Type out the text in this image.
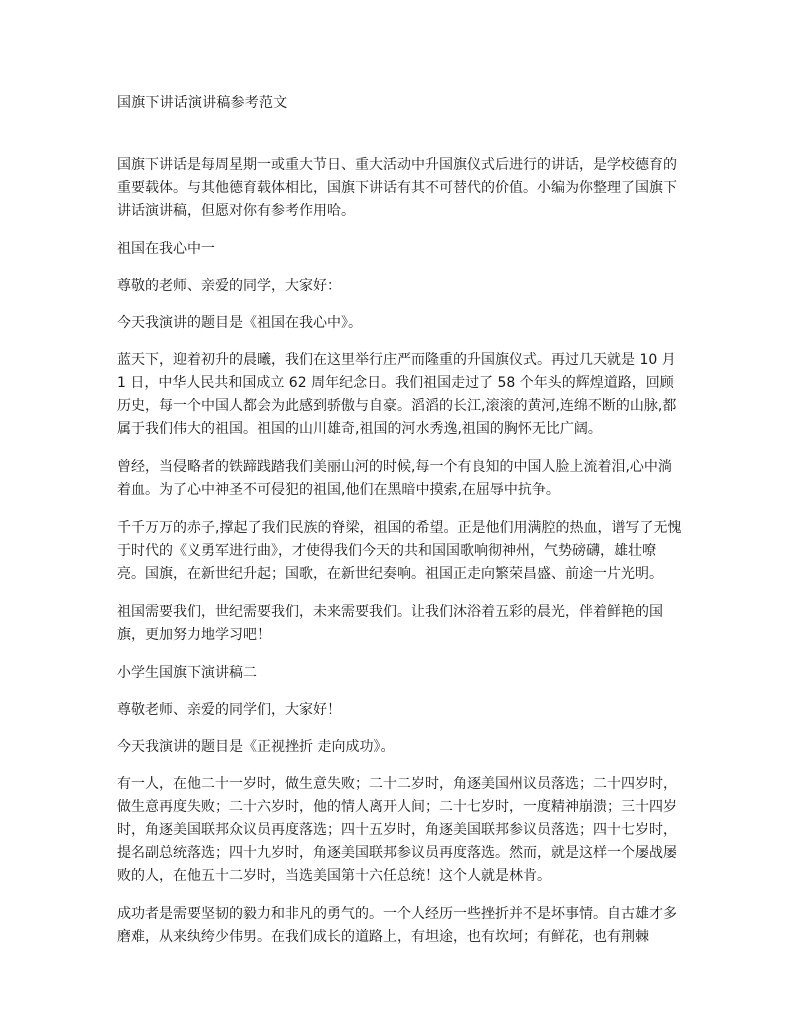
国旗下讲话演讲稿参考范文

国旗下讲话是每周星期一或重大节日、重大活动中升国旗仪式后进行的讲话，是学校德育的重要载体。与其他德育载体相比，国旗下讲话有其不可替代的价值。小编为你整理了国旗下讲话演讲稿，但愿对你有参考作用哈。

祖国在我心中一

尊敬的老师、亲爱的同学，大家好：

今天我演讲的题目是《祖国在我心中》。

蓝天下，迎着初升的晨曦，我们在这里举行庄严而隆重的升国旗仪式。再过几天就是 10 月 1 日，中华人民共和国成立 62 周年纪念日。我们祖国走过了 58 个年头的辉煌道路，回顾历史，每一个中国人都会为此感到骄傲与自豪。滔滔的长江,滚滚的黄河,连绵不断的山脉,都属于我们伟大的祖国。祖国的山川雄奇,祖国的河水秀逸,祖国的胸怀无比广阔。

曾经，当侵略者的铁蹄践踏我们美丽山河的时候,每一个有良知的中国人脸上流着泪,心中淌着血。为了心中神圣不可侵犯的祖国,他们在黑暗中摸索,在屈辱中抗争。

千千万万的赤子,撑起了我们民族的脊梁，祖国的希望。正是他们用满腔的热血，谱写了无愧于时代的《义勇军进行曲》，才使得我们今天的共和国国歌响彻神州，气势磅礴，雄壮嘹亮。国旗，在新世纪升起；国歌，在新世纪奏响。祖国正走向繁荣昌盛、前途一片光明。

祖国需要我们，世纪需要我们，未来需要我们。让我们沐浴着五彩的晨光，伴着鲜艳的国旗，更加努力地学习吧！

小学生国旗下演讲稿二

尊敬老师、亲爱的同学们，大家好！

今天我演讲的题目是《正视挫折 走向成功》。

有一人，在他二十一岁时，做生意失败；二十二岁时，角逐美国州议员落选；二十四岁时，做生意再度失败；二十六岁时，他的情人离开人间；二十七岁时，一度精神崩溃；三十四岁时，角逐美国联邦众议员再度落选；四十五岁时，角逐美国联邦参议员落选；四十七岁时，提名副总统落选；四十九岁时，角逐美国联邦参议员再度落选。然而，就是这样一个屡战屡败的人，在他五十二岁时，当选美国第十六任总统！这个人就是林肯。

成功者是需要坚韧的毅力和非凡的勇气的。一个人经历一些挫折并不是坏事情。自古雄才多磨难，从来纨绔少伟男。在我们成长的道路上，有坦途，也有坎坷；有鲜花，也有荆棘
